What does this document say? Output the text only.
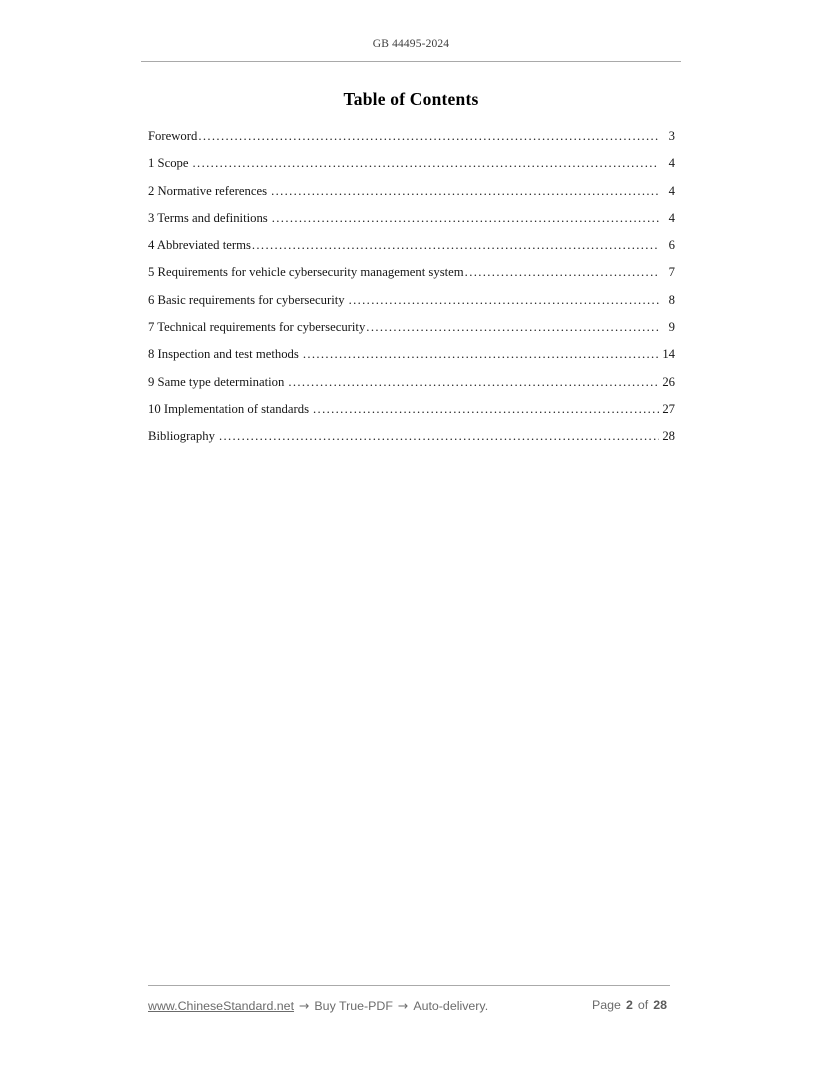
GB 44495-2024
Table of Contents
Foreword .....	3
1 Scope .....	4
2 Normative references .....	4
3 Terms and definitions .....	4
4 Abbreviated terms .....	6
5 Requirements for vehicle cybersecurity management system .....	7
6 Basic requirements for cybersecurity .....	8
7 Technical requirements for cybersecurity .....	9
8 Inspection and test methods .....	14
9 Same type determination .....	26
10 Implementation of standards .....	27
Bibliography .....	28
www.ChineseStandard.net → Buy True-PDF → Auto-delivery.	Page 2 of 28
